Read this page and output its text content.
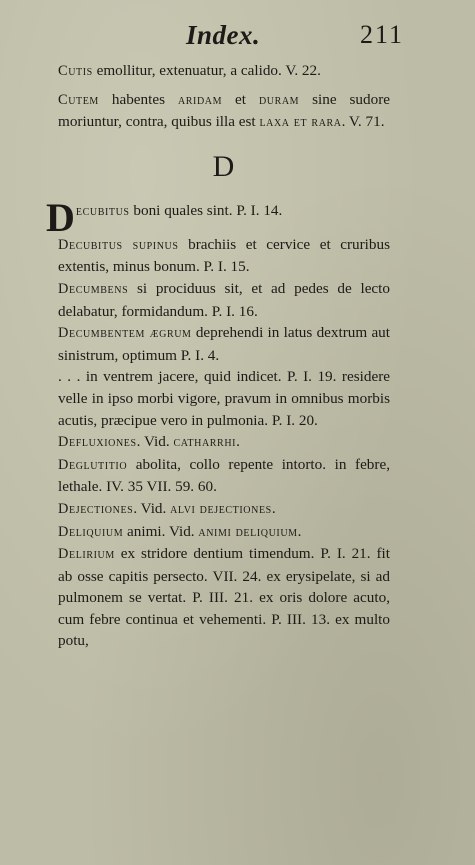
Index.	211

Cutis emollitur, extenuatur, a calido. V. 22.

Cutem habentes aridam et duram sine sudore moriuntur, contra, quibus illa est laxa et rara. V. 71.

D

Decubitus boni quales sint. P. I. 14.

Decubitus supinus brachiis et cervice et cruribus extentis, minus bonum. P. I. 15.

Decumbens si prociduus sit, et ad pedes de lecto delabatur, formidandum. P. I. 16.

Decumbentem ægrum deprehendi in latus dextrum aut sinistrum, optimum P. I. 4.

. . . in ventrem jacere, quid indicet. P. I. 19. residere velle in ipso morbi vigore, pravum in omnibus morbis acutis, præcipue vero in pulmonia. P. I. 20.

Defluxiones. Vid. catharrhi.

Deglutitio abolita, collo repente intorto. in febre, lethale. IV. 35 VII. 59. 60.

Dejectiones. Vid. alvi dejectiones.

Deliquium animi. Vid. animi deliquium.

Delirium ex stridore dentium timendum. P. I. 21. fit ab osse capitis persecto. VII. 24. ex erysipelate, si ad pulmonem se vertat. P. III. 21. ex oris dolore acuto, cum febre continua et vehementi. P. III. 13. ex multo potu,
